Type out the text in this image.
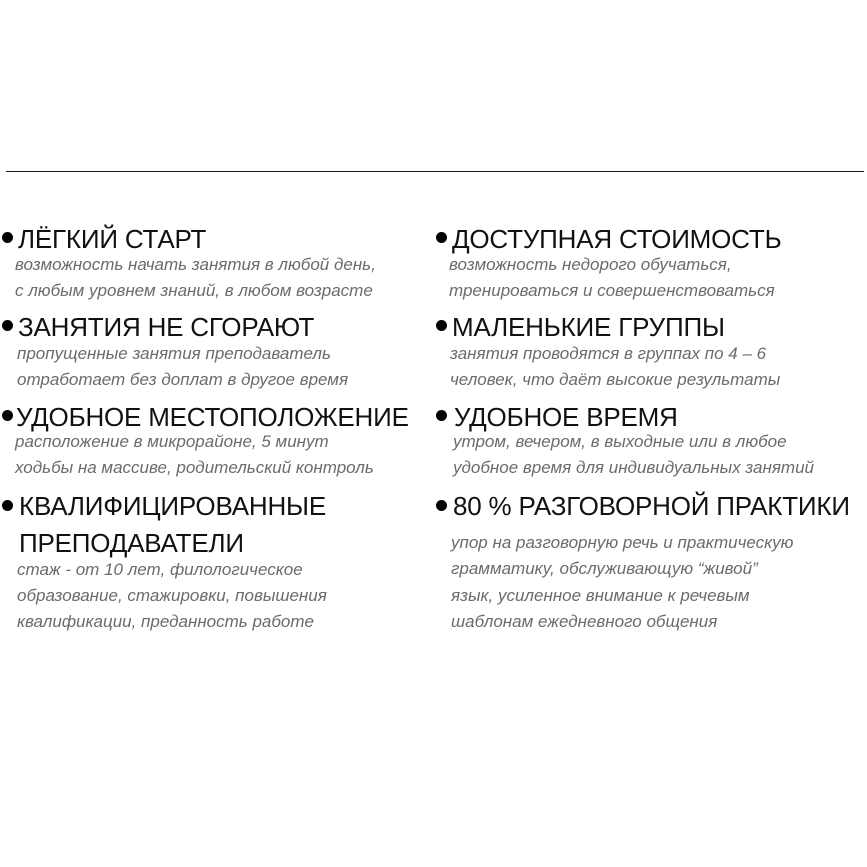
ЛЁГКИЙ СТАРТ
возможность начать занятия в любой день,
с любым уровнем знаний, в любом возрасте
ДОСТУПНАЯ СТОИМОСТЬ
возможность недорого обучаться,
тренироваться и совершенствоваться
ЗАНЯТИЯ НЕ СГОРАЮТ
пропущенные занятия преподаватель
отработает без доплат в другое время
МАЛЕНЬКИЕ ГРУППЫ
занятия проводятся в группах по 4 – 6
человек, что даёт высокие результаты
УДОБНОЕ МЕСТОПОЛОЖЕНИЕ
расположение в микрорайоне, 5 минут
ходьбы на массиве, родительский контроль
УДОБНОЕ ВРЕМЯ
утром, вечером, в выходные или в любое
удобное время для индивидуальных занятий
КВАЛИФИЦИРОВАННЫЕ
ПРЕПОДАВАТЕЛИ
стаж - от 10 лет, филологическое
образование, стажировки, повышения
квалификации, преданность работе
80 % РАЗГОВОРНОЙ ПРАКТИКИ
упор на разговорную речь и практическую
грамматику, обслуживающую “живой”
язык, усиленное внимание к речевым
шаблонам ежедневного общения
